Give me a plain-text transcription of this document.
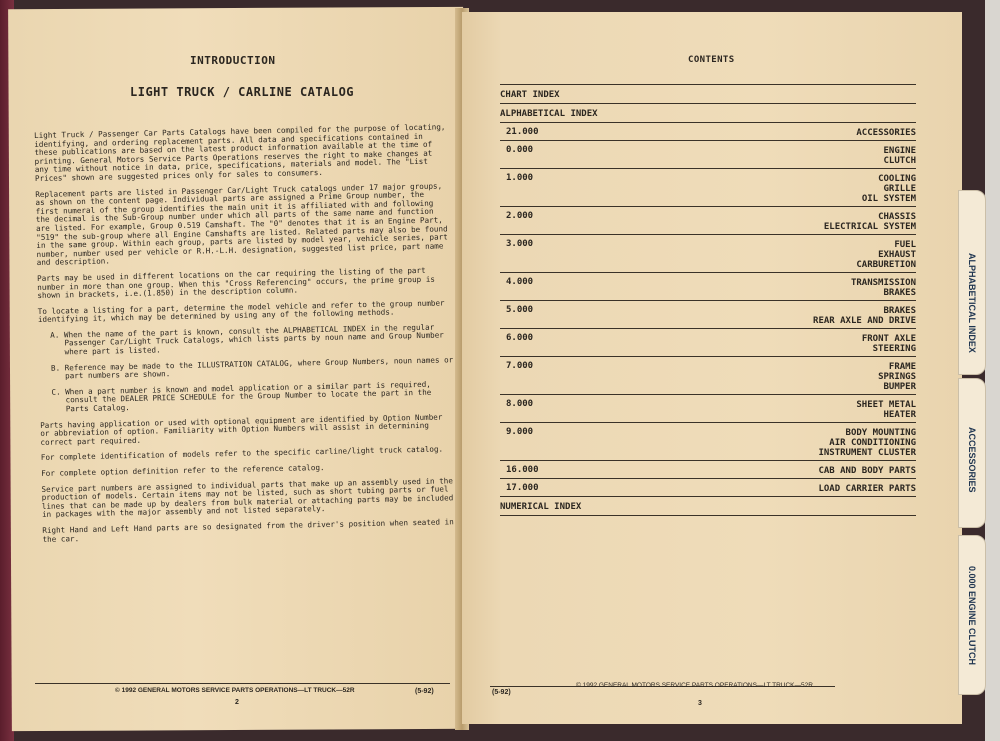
INTRODUCTION
LIGHT TRUCK / CARLINE CATALOG

Light Truck / Passenger Car Parts Catalogs have been compiled for the purpose of locating, identifying, and ordering replacement parts. All data and specifications contained in these publications are based on the latest product information available at the time of printing. General Motors Service Parts Operations reserves the right to make changes at any time without notice in data, price, specifications, materials and model. The "List Prices" shown are suggested prices only for sales to consumers.

Replacement parts are listed in Passenger Car/Light Truck catalogs under 17 major groups, as shown on the content page. Individual parts are assigned a Prime Group number, the first numeral of the group identifies the main unit it is affiliated with and following the decimal is the Sub-Group number under which all parts of the same name and function are listed. For example, Group 0.519 Camshaft. The "0" denotes that it is an Engine Part, "519" the sub-group where all Engine Camshafts are listed. Related parts may also be found in the same group. Within each group, parts are listed by model year, vehicle series, part number, number used per vehicle or R.H.-L.H. designation, suggested list price, part name and description.

Parts may be used in different locations on the car requiring the listing of the part number in more than one group. When this "Cross Referencing" occurs, the prime group is shown in brackets, i.e.(1.850) in the description column.

To locate a listing for a part, determine the model vehicle and refer to the group number identifying it, which may be determined by using any of the following methods.

A. When the name of the part is known, consult the ALPHABETICAL INDEX in the regular Passenger Car/Light Truck Catalogs, which lists parts by noun name and Group Number where part is listed.

B. Reference may be made to the ILLUSTRATION CATALOG, where Group Numbers, noun names or part numbers are shown.

C. When a part number is known and model application or a similar part is required, consult the DEALER PRICE SCHEDULE for the Group Number to locate the part in the Parts Catalog.

Parts having application or used with optional equipment are identified by Option Number or abbreviation of option. Familiarity with Option Numbers will assist in determining correct part required.

For complete identification of models refer to the specific carline/light truck catalog.

For complete option definition refer to the reference catalog.

Service part numbers are assigned to individual parts that make up an assembly used in the production of models. Certain items may not be listed, such as short tubing parts or fuel lines that can be made up by dealers from bulk material or attaching parts may be included in packages with the major assembly and not listed separately.

Right Hand and Left Hand parts are so designated from the driver's position when seated in the car.

© 1992 GENERAL MOTORS SERVICE PARTS OPERATIONS—LT TRUCK—52R	(5-92)
2
CONTENTS
CHART INDEX
ALPHABETICAL INDEX
21.000	ACCESSORIES
0.000	ENGINE
CLUTCH
1.000	COOLING
GRILLE
OIL SYSTEM
2.000	CHASSIS
ELECTRICAL SYSTEM
3.000	FUEL
EXHAUST
CARBURETION
4.000	TRANSMISSION
BRAKES
5.000	BRAKES
REAR AXLE AND DRIVE
6.000	FRONT AXLE
STEERING
7.000	FRAME
SPRINGS
BUMPER
8.000	SHEET METAL
HEATER
9.000	BODY MOUNTING
AIR CONDITIONING
INSTRUMENT CLUSTER
16.000	CAB AND BODY PARTS
17.000	LOAD CARRIER PARTS
NUMERICAL INDEX
(5-92)
© 1992 GENERAL MOTORS SERVICE PARTS OPERATIONS—LT TRUCK—52R
3
ALPHABETICAL INDEX
ACCESSORIES
0.000 ENGINE CLUTCH
